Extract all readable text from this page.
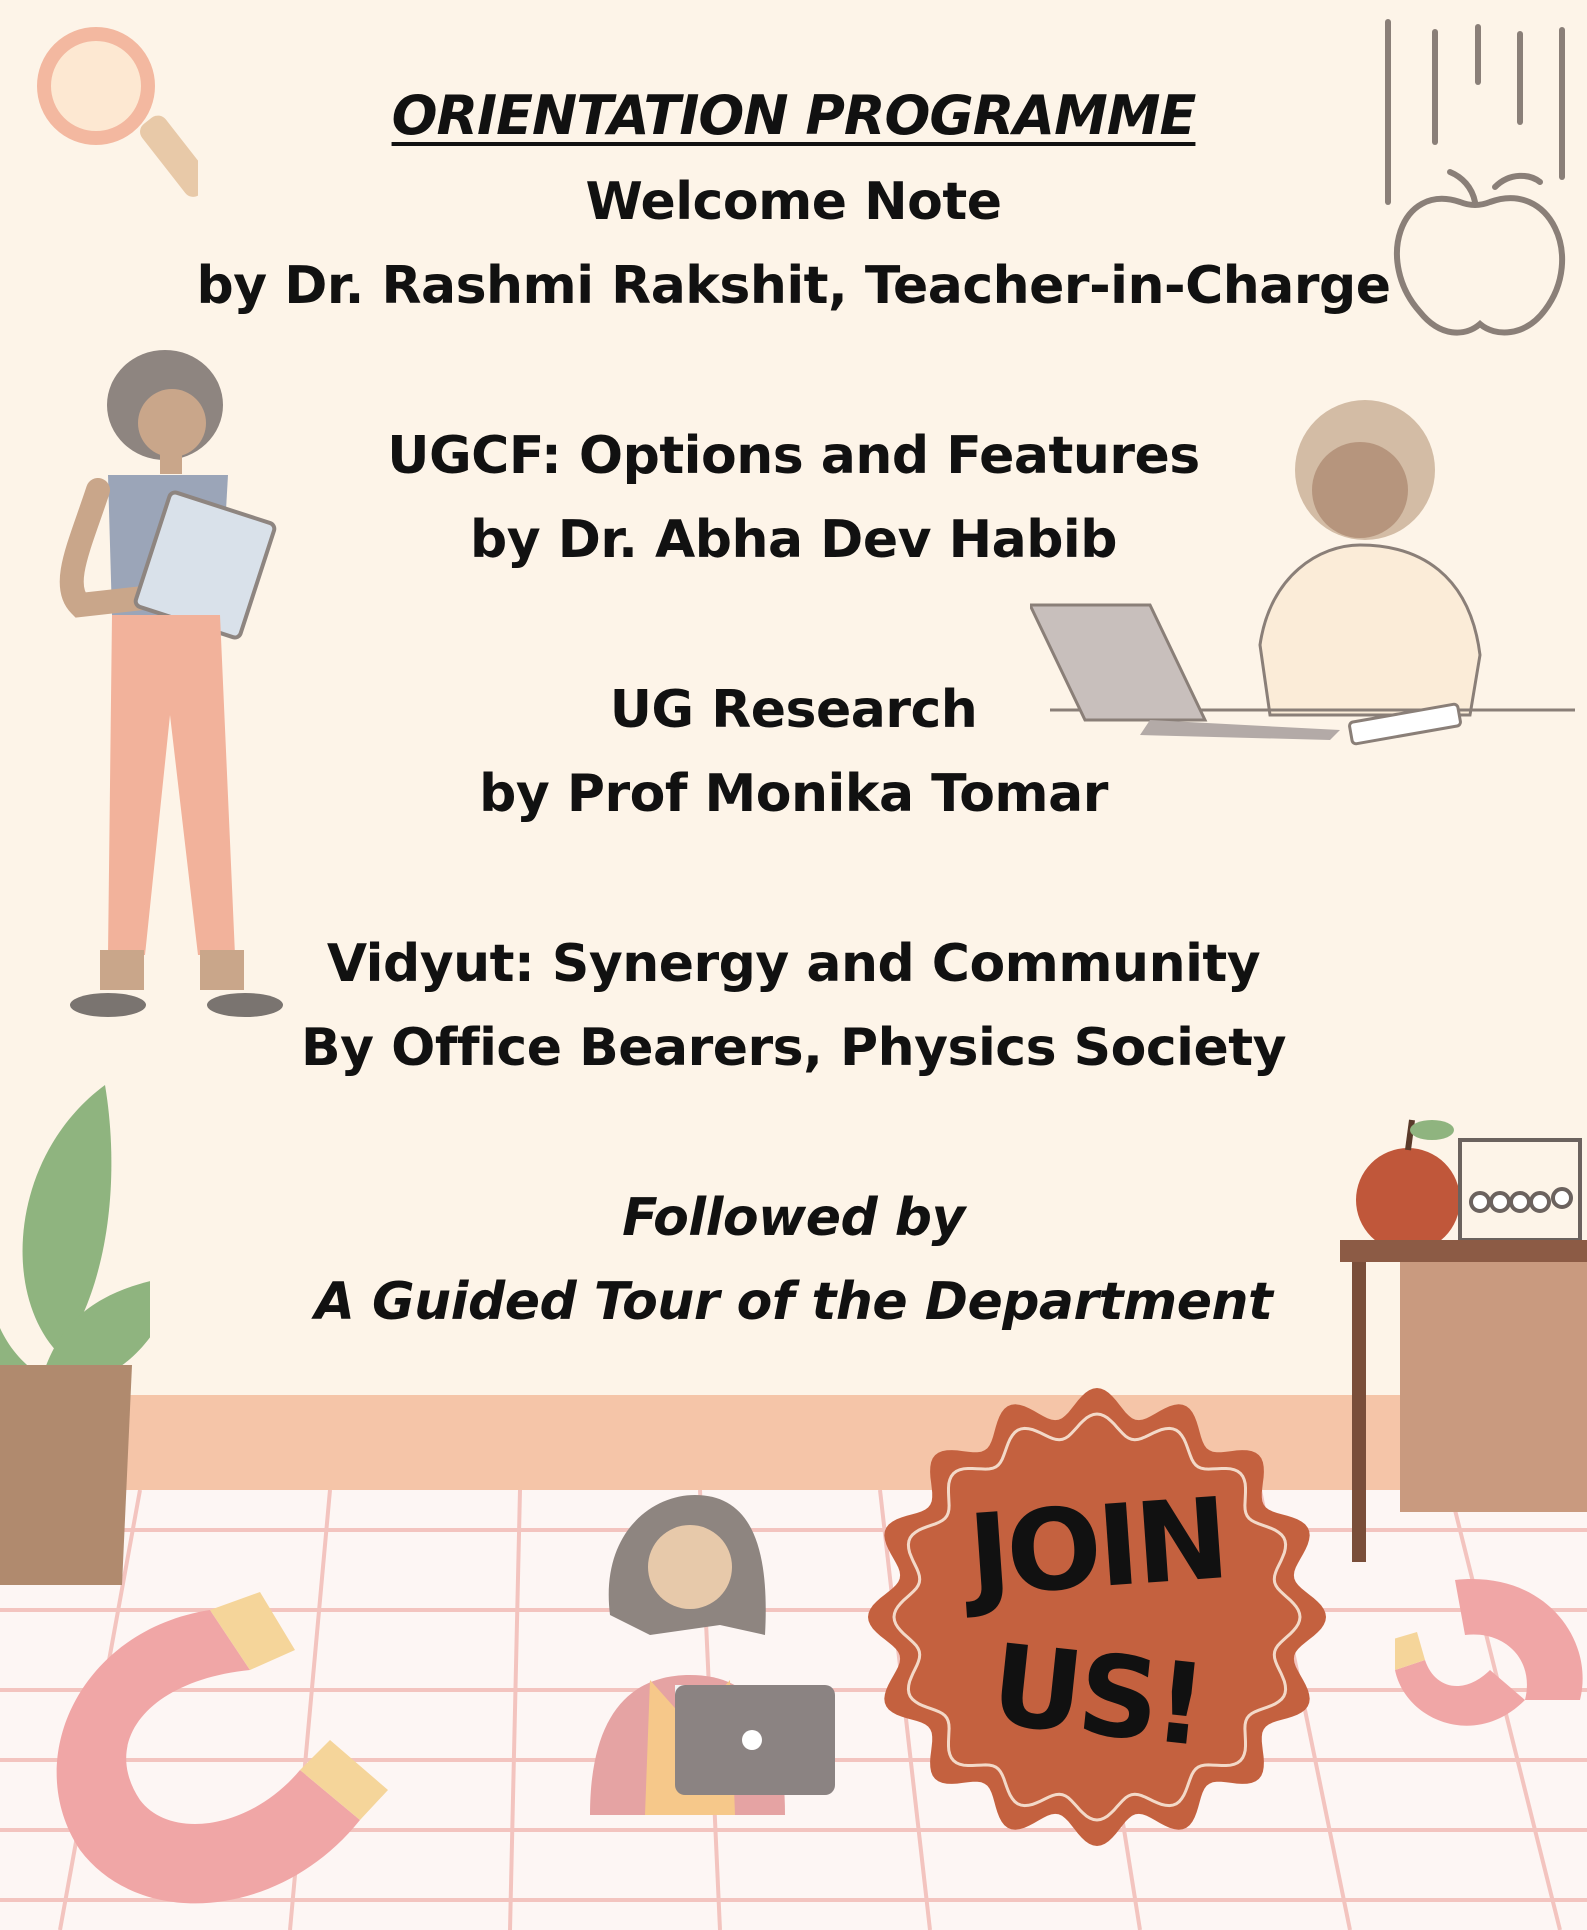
JOIN
US!

ORIENTATION PROGRAMME

Welcome Note

by Dr. Rashmi Rakshit, Teacher-in-Charge

UGCF: Options and Features

by Dr. Abha Dev Habib

UG Research

by Prof Monika Tomar

Vidyut: Synergy and Community

By Office Bearers, Physics Society

Followed by

A Guided Tour of the Department
